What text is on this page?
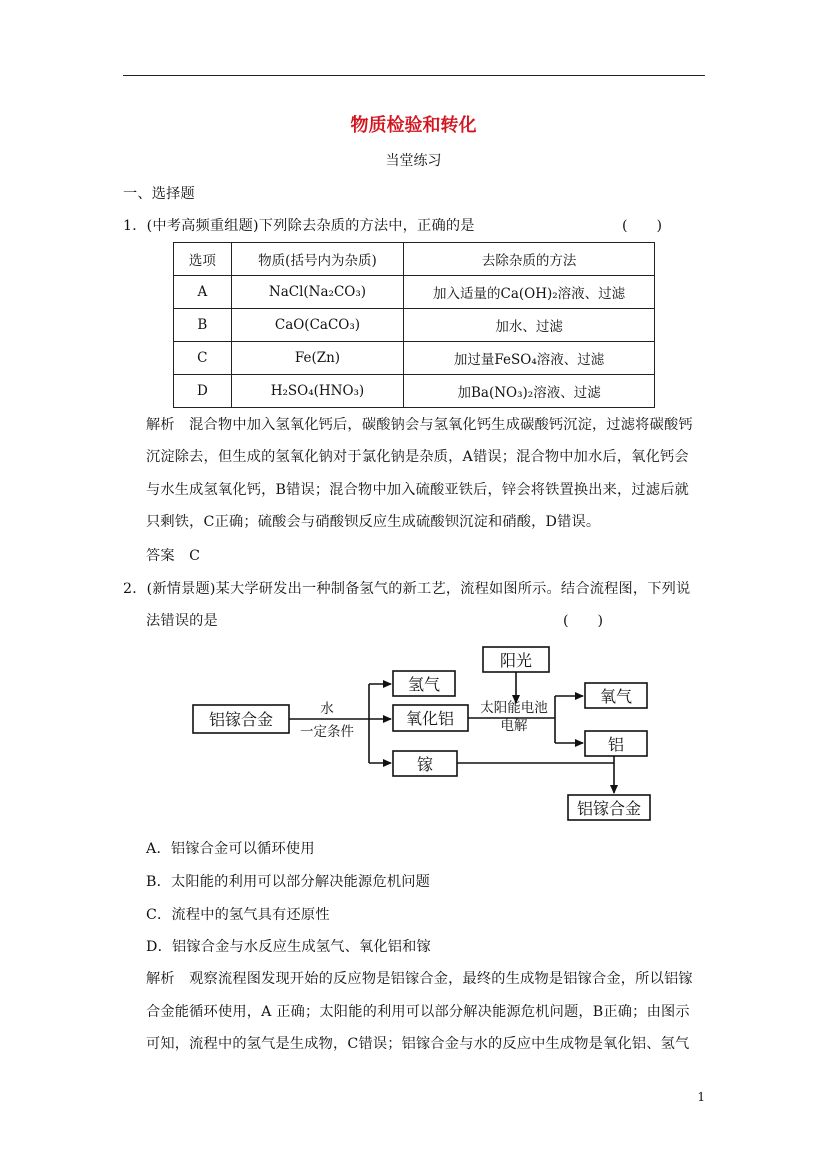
物质检验和转化
当堂练习
一、选择题
1．(中考高频重组题)下列除去杂质的方法中，正确的是	(　　)
选项	物质(括号内为杂质)	去除杂质的方法
A	NaCl(Na₂CO₃)	加入适量的Ca(OH)₂溶液、过滤
B	CaO(CaCO₃)	加水、过滤
C	Fe(Zn)	加过量FeSO₄溶液、过滤
D	H₂SO₄(HNO₃)	加Ba(NO₃)₂溶液、过滤
解析　混合物中加入氢氧化钙后，碳酸钠会与氢氧化钙生成碳酸钙沉淀，过滤将碳酸钙
沉淀除去，但生成的氢氧化钠对于氯化钠是杂质，A错误；混合物中加水后，氧化钙会
与水生成氢氧化钙，B错误；混合物中加入硫酸亚铁后，锌会将铁置换出来，过滤后就
只剩铁，C正确；硫酸会与硝酸钡反应生成硫酸钡沉淀和硝酸，D错误。
答案　C
2．(新情景题)某大学研发出一种制备氢气的新工艺，流程如图所示。结合流程图，下列说
法错误的是	(　　)
铝镓合金
氢气
氧化铝
镓
阳光
氧气
铝
铝镓合金
水
一定条件
太阳能电池
电解
A．铝镓合金可以循环使用
B．太阳能的利用可以部分解决能源危机问题
C．流程中的氢气具有还原性
D．铝镓合金与水反应生成氢气、氧化铝和镓
解析　观察流程图发现开始的反应物是铝镓合金，最终的生成物是铝镓合金，所以铝镓
合金能循环使用，A 正确；太阳能的利用可以部分解决能源危机问题，B正确；由图示
可知，流程中的氢气是生成物，C错误；铝镓合金与水的反应中生成物是氧化铝、氢气
1
